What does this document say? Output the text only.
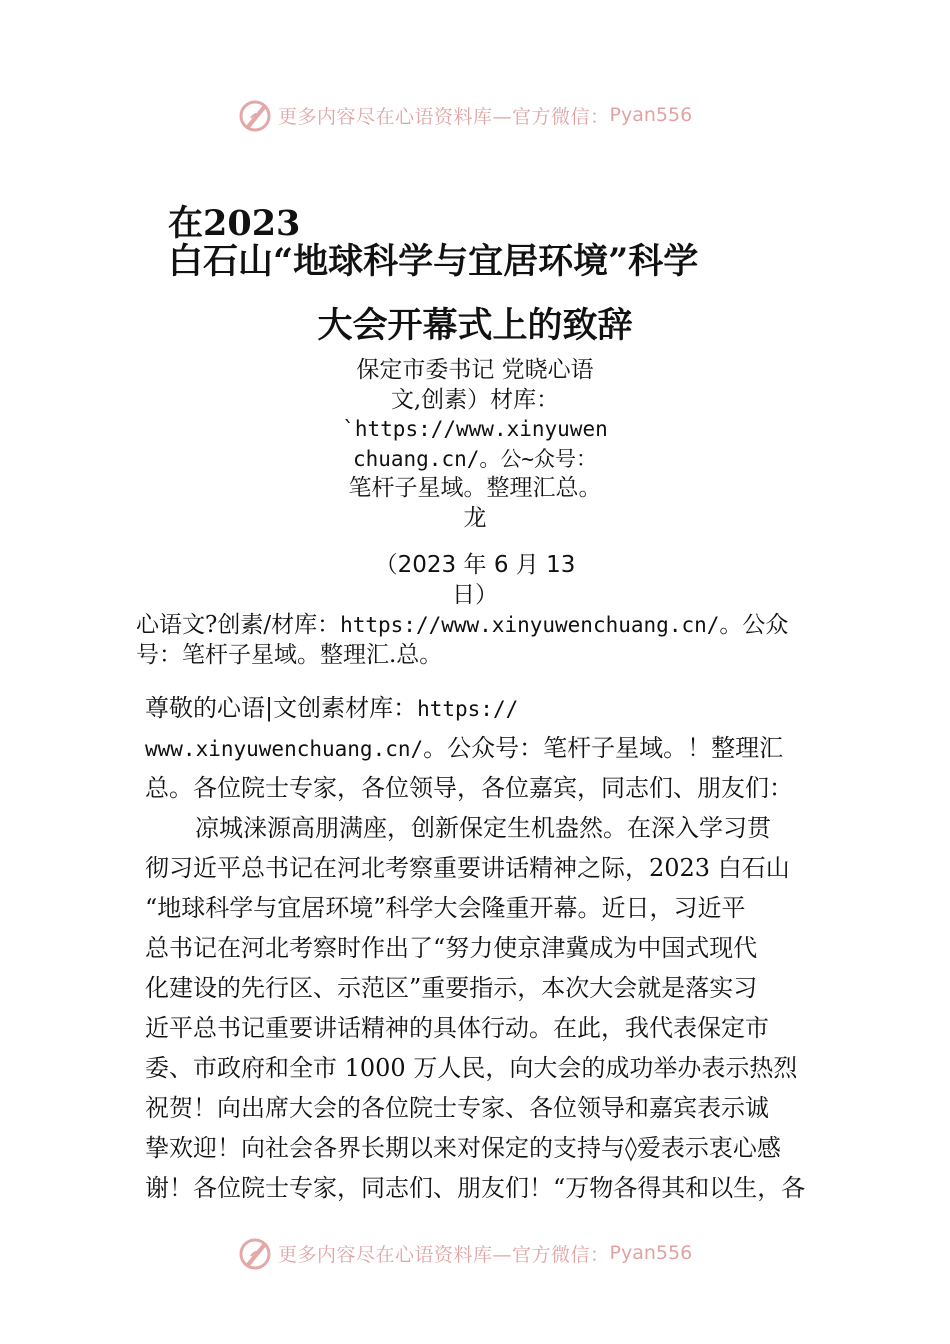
更多内容尽在心语资料库—官方微信： Pyan556
在2023
白石山“地球科学与宜居环境”科学
大会开幕式上的致辞
保定市委书记 党晓心语
文,创素）材库：
`https://www.xinyuwen
chuang.cn/。公~众号：
笔杆子星域。整理汇总。
龙
（2023 年 6 月 13
日）
心语文?创素/材库：https://www.xinyuwenchuang.cn/。公众
号：笔杆子星域。整理汇.总。
尊敬的心语|文创素材库：https://
www.xinyuwenchuang.cn/。公众号：笔杆子星域。！整理汇
总。各位院士专家，各位领导，各位嘉宾，同志们、朋友们：
凉城涞源高朋满座，创新保定生机盎然。在深入学习贯
彻习近平总书记在河北考察重要讲话精神之际，2023 白石山
“地球科学与宜居环境”科学大会隆重开幕。近日，习近平
总书记在河北考察时作出了“努力使京津冀成为中国式现代
化建设的先行区、示范区”重要指示，本次大会就是落实习
近平总书记重要讲话精神的具体行动。在此，我代表保定市
委、市政府和全市 1000 万人民，向大会的成功举办表示热烈
祝贺！向出席大会的各位院士专家、各位领导和嘉宾表示诚
挚欢迎！向社会各界长期以来对保定的支持与◊爱表示衷心感
谢！各位院士专家，同志们、朋友们！“万物各得其和以生，各
更多内容尽在心语资料库—官方微信： Pyan556
